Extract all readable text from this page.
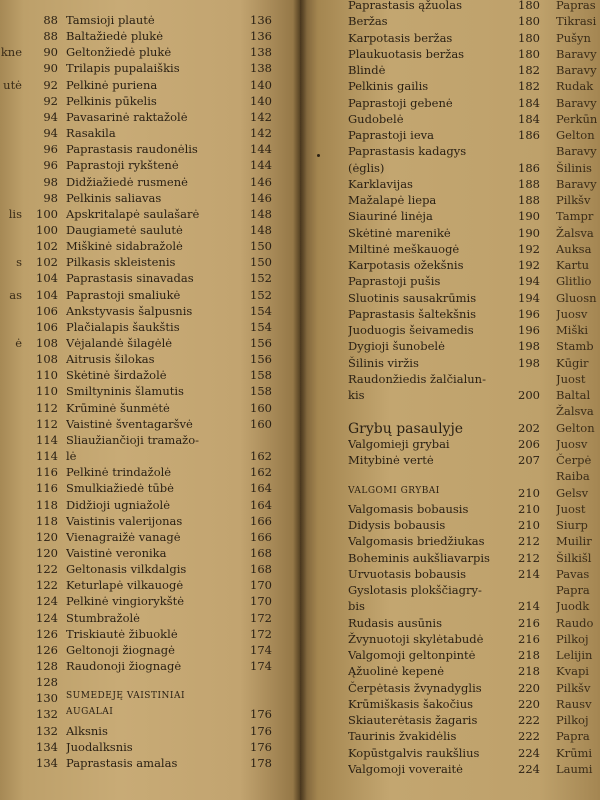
88 Tamsioji plautė	136
88 Baltažiedė plukė	136
kne	90 Geltonžiedė plukė	138
90 Trilapis pupalaiškis	138
utė	92 Pelkinė puriena	140
92 Pelkinis pūkelis	140
94 Pavasarinė raktažolė	142
94 Rasakila	142
96 Paprastasis raudonėlis	144
96 Paprastoji rykštenė	144
98 Didžiažiedė rusmenė	146
98 Pelkinis saliavas	146
lis	100 Apskritalapė saulašarė	148
100 Daugiametė saulutė	148
102 Miškinė sidabražolė	150
s	102 Pilkasis skleistenis	150
104 Paprastasis sinavadas	152
as	104 Paprastoji smaliukė	152
106 Ankstyvasis šalpusnis	154
106 Plačialapis šaukštis	154
ė	108 Vėjalandė šilagėlė	156
108 Aitrusis šilokas	156
110 Skėtinė širdažolė	158
110 Smiltyninis šlamutis	158
112 Krūminė šunmėtė	160
112 Vaistinė šventagaršvė	160
114 Sliaužiančioji tramažo-
114 lė	162
116 Pelkinė trindažolė	162
116 Smulkiažiedė tūbė	164
118 Didžioji ugniažolė	164
118 Vaistinis valerijonas	166
120 Vienagraižė vanagė	166
120 Vaistinė veronika	168
122 Geltonasis vilkdalgis	168
122 Keturlapė vilkauogė	170
124 Pelkinė vingiorykštė	170
124 Stumbražolė	172
126 Triskiautė žibuoklė	172
126 Geltonoji žiognagė	174
128 Raudonoji žiognagė	174
128
130 SUMEDĖJĘ VAISTINIAI
132 AUGALAI	176
132 Alksnis	176
134 Juodalksnis	176
134 Paprastasis amalas	178
Paprastasis ąžuolas	180 Papras
Beržas	180 Tikrasi
Karpotasis beržas	180 Pušyn
Plaukuotasis beržas	180 Baravy
Blindė	182 Baravy
Pelkinis gailis	182 Rudak
Paprastoji gebenė	184 Baravy
Gudobelė	184 Perkūn
Paprastoji ieva	186 Gelton
Paprastasis kadagys	Baravy
(ėglis)	186 Šilinis
Karklavijas	188 Baravy
Mažalapė liepa	188 Pilkšv
Siauriné linėja	190 Tampr
Skėtinė marenikė	190 Žalsva
Miltinė meškauogė	192 Auksa
Karpotasis ožekšnis	192 Kartu
Paprastoji pušis	194 Glitlio
Sluotinis sausakrūmis	194 Gluosn
Paprastasis šaltekšnis	196 Juosv
Juoduogis šeivamedis	196 Miški
Dygioji šunobelė	198 Stamb
Šilinis viržis	198 Kūgir
Raudonžiedis žalčialun-	Juost
kis	200 Baltal
Žalsva
Grybų pasaulyje	202 Gelton
Valgomieji grybai	206 Juosv
Mitybinė vertė	207 Čerpė
Raiba
VALGOMI GRYBAI	210 Gelsv
Valgomasis bobausis	210 Juost
Didysis bobausis	210 Siurp
Valgomasis briedžiukas	212 Muilir
Boheminis aukšliavarpis	212 Šilkišl
Urvuotasis bobausis	214 Pavas
Gyslotasis plokščiagry-	Papra
bis	214 Juodk
Rudasis ausūnis	216 Raudo
Žvynuotoji skylėtabudė	216 Pilkoj
Valgomoji geltonpintė	218 Lelijin
Ąžuolinė kepenė	218 Kvapi
Čerpėtasis žvynadyglis	220 Pilkšv
Krūmiškasis šakočius	220 Rausv
Skiauterėtasis žagaris	222 Pilkoj
Taurinis žvakidėlis	222 Papra
Kopūstgalvis raukšlius	224 Krūmi
Valgomoji voveraitė	224 Laumi
